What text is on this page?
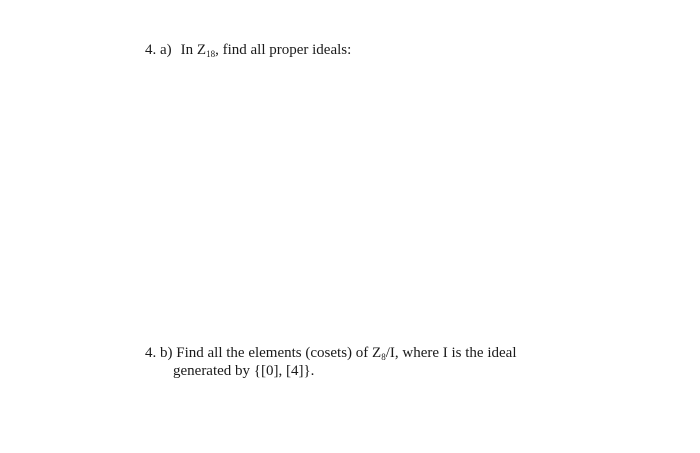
4. a) In $Z_{18}$, find all proper ideals:
4. b) Find all the elements (cosets) of $Z_8/I$, where I is the ideal
generated by {[0], [4]}.
